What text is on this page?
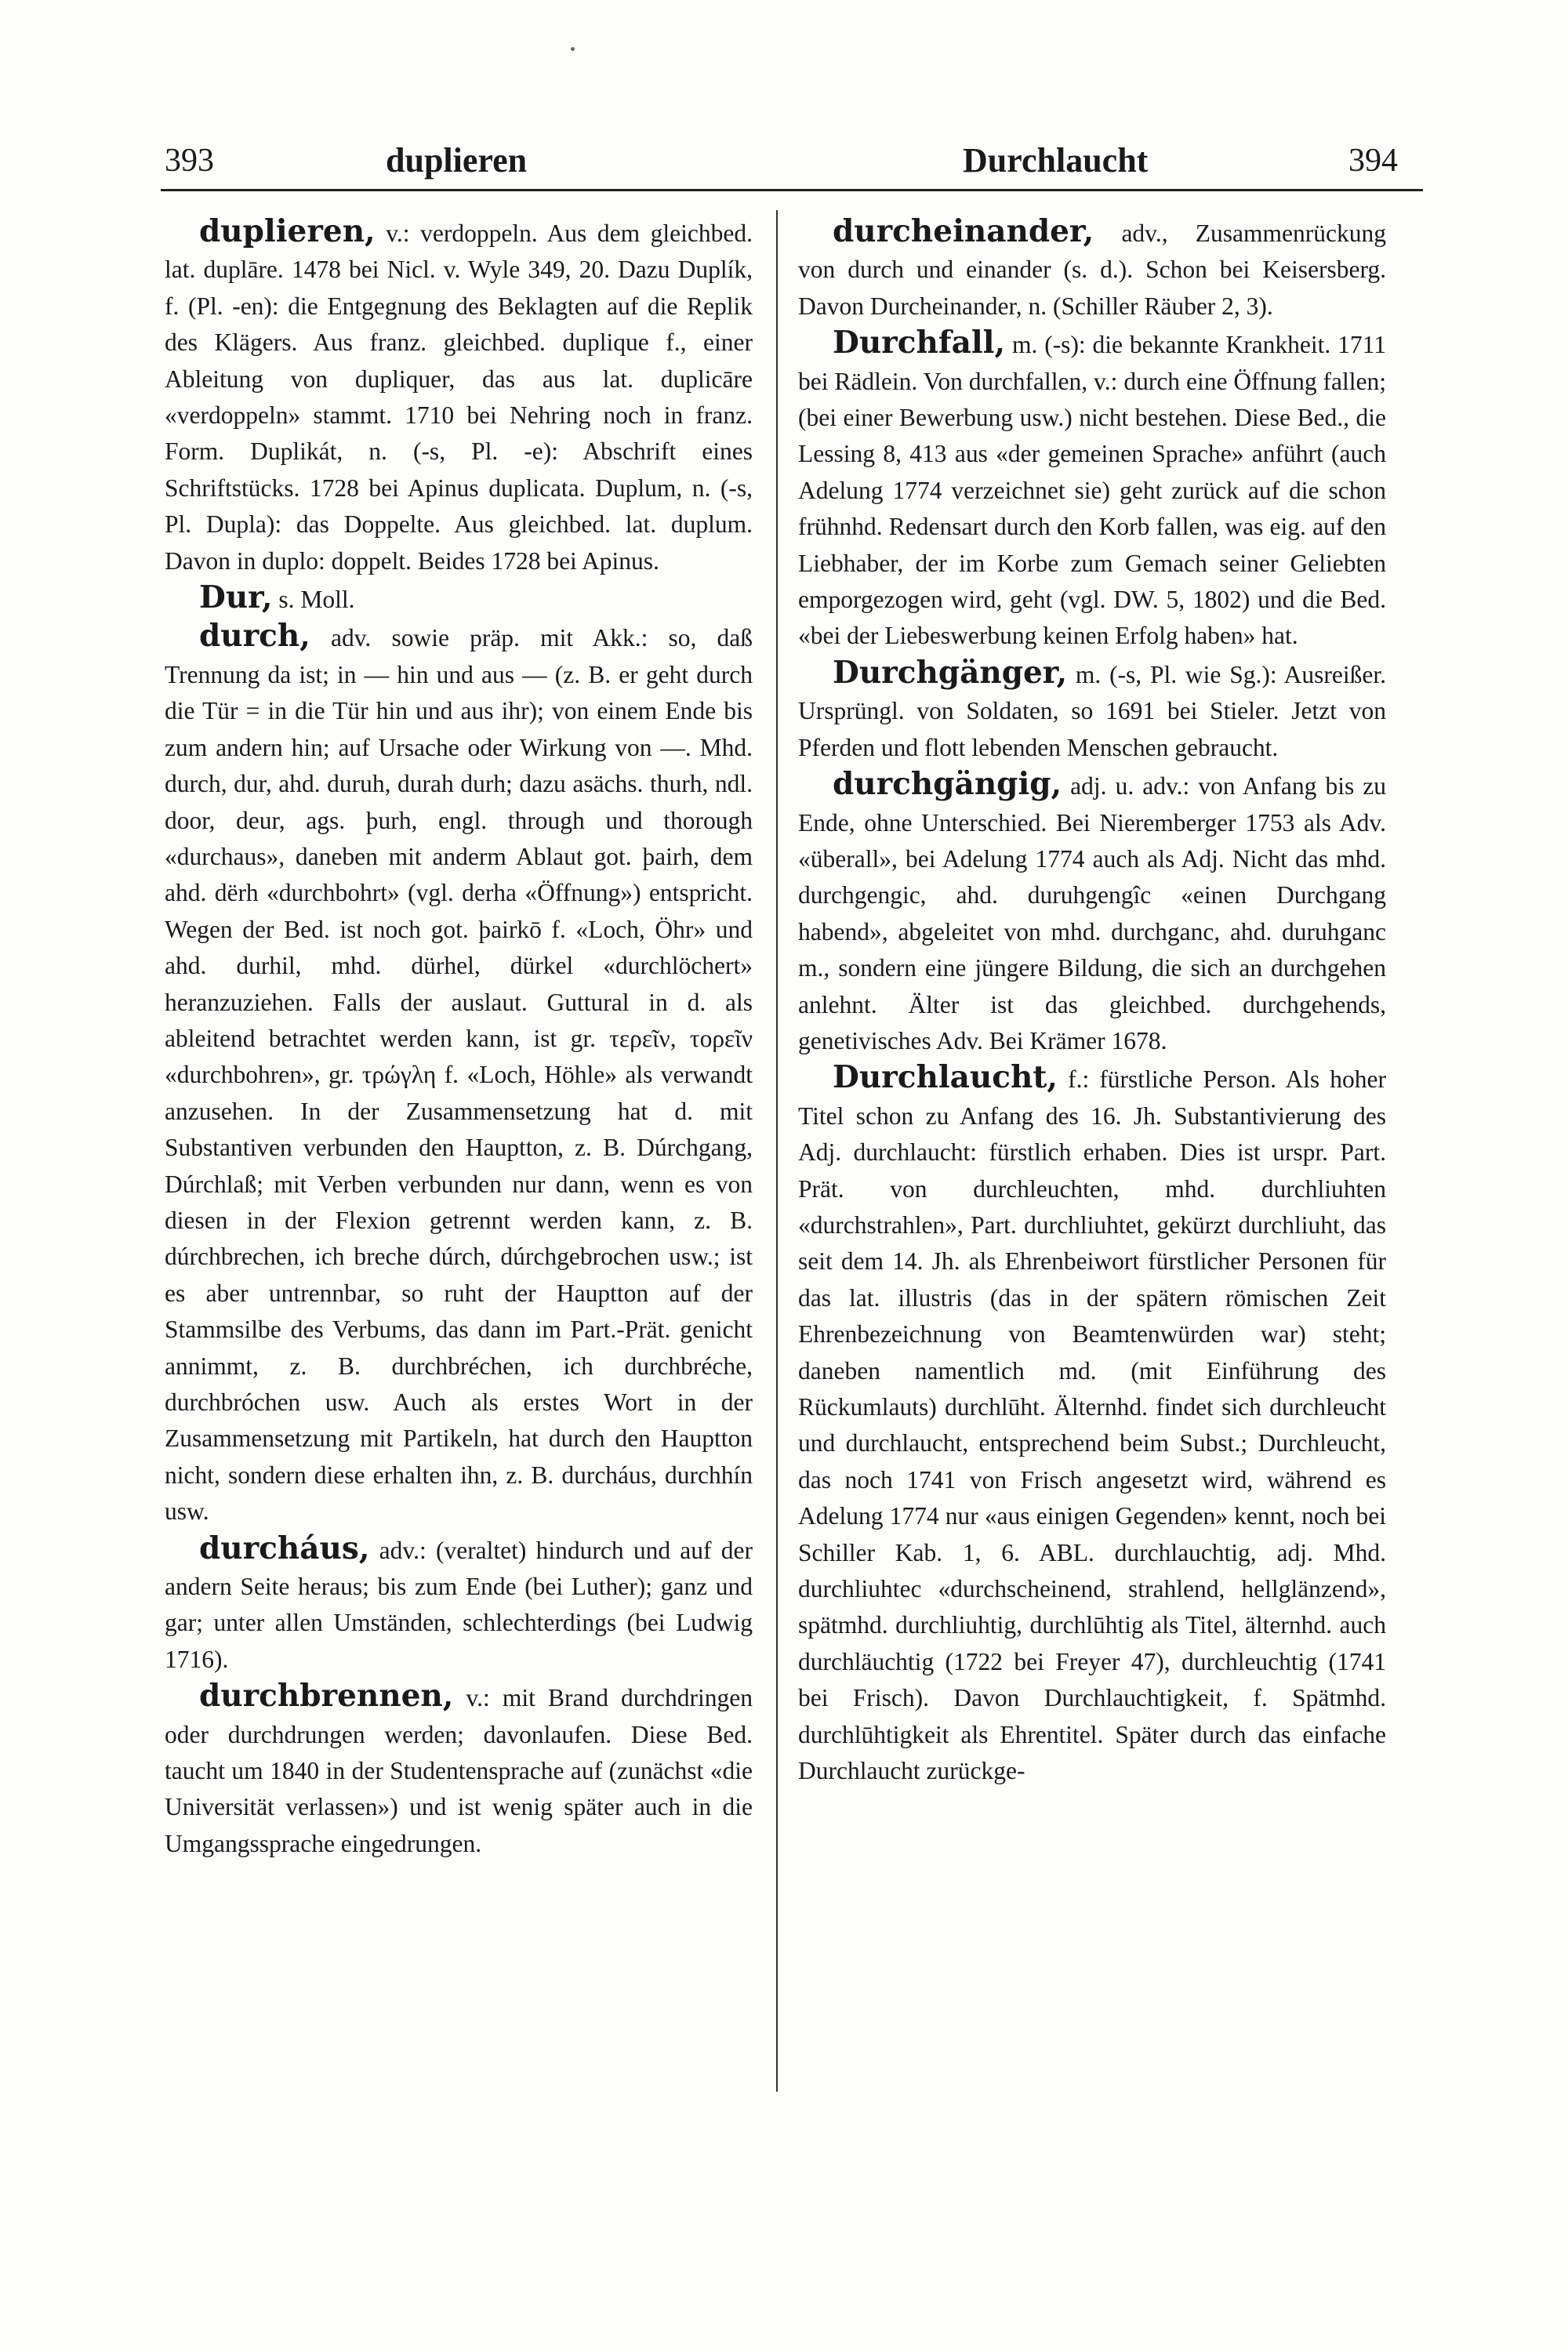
393	duplieren	Durchlaucht	394

duplieren, v.: verdoppeln. Aus dem gleichbed. lat. duplāre. 1478 bei Nicl. v. Wyle 349, 20. Dazu Duplík, f. (Pl. -en): die Entgegnung des Beklagten auf die Replik des Klägers. Aus franz. gleichbed. duplique f., einer Ableitung von dupliquer, das aus lat. duplicāre «verdoppeln» stammt. 1710 bei Nehring noch in franz. Form. Duplikát, n. (-s, Pl. -e): Abschrift eines Schriftstücks. 1728 bei Apinus duplicata. Duplum, n. (-s, Pl. Dupla): das Doppelte. Aus gleichbed. lat. duplum. Davon in duplo: doppelt. Beides 1728 bei Apinus.

Dur, s. Moll.

durch, adv. sowie präp. mit Akk.: so, daß Trennung da ist; in — hin und aus — (z. B. er geht durch die Tür = in die Tür hin und aus ihr); von einem Ende bis zum andern hin; auf Ursache oder Wirkung von —. Mhd. durch, dur, ahd. duruh, durah durh; dazu asächs. thurh, ndl. door, deur, ags. þurh, engl. through und thorough «durchaus», daneben mit anderm Ablaut got. þairh, dem ahd. dërh «durchbohrt» (vgl. derha «Öffnung») entspricht. Wegen der Bed. ist noch got. þairkō f. «Loch, Öhr» und ahd. durhil, mhd. dürhel, dürkel «durchlöchert» heranzuziehen. Falls der auslaut. Guttural in d. als ableitend betrachtet werden kann, ist gr. τερεῖν, τορεῖν «durchbohren», gr. τρώγλη f. «Loch, Höhle» als verwandt anzusehen. In der Zusammensetzung hat d. mit Substantiven verbunden den Hauptton, z. B. Dúrchgang, Dúrchlaß; mit Verben verbunden nur dann, wenn es von diesen in der Flexion getrennt werden kann, z. B. dúrchbrechen, ich breche dúrch, dúrchgebrochen usw.; ist es aber untrennbar, so ruht der Hauptton auf der Stammsilbe des Verbums, das dann im Part.-Prät. genicht annimmt, z. B. durchbréchen, ich durchbréche, durchbróchen usw. Auch als erstes Wort in der Zusammensetzung mit Partikeln, hat durch den Hauptton nicht, sondern diese erhalten ihn, z. B. durcháus, durchhín usw.

durcháus, adv.: (veraltet) hindurch und auf der andern Seite heraus; bis zum Ende (bei Luther); ganz und gar; unter allen Umständen, schlechterdings (bei Ludwig 1716).

durchbrennen, v.: mit Brand durchdringen oder durchdrungen werden; davonlaufen. Diese Bed. taucht um 1840 in der Studentensprache auf (zunächst «die Universität verlassen») und ist wenig später auch in die Umgangssprache eingedrungen.

durcheinander, adv., Zusammenrückung von durch und einander (s. d.). Schon bei Keisersberg. Davon Durcheinander, n. (Schiller Räuber 2, 3).

Durchfall, m. (-s): die bekannte Krankheit. 1711 bei Rädlein. Von durchfallen, v.: durch eine Öffnung fallen; (bei einer Bewerbung usw.) nicht bestehen. Diese Bed., die Lessing 8, 413 aus «der gemeinen Sprache» anführt (auch Adelung 1774 verzeichnet sie) geht zurück auf die schon frühnhd. Redensart durch den Korb fallen, was eig. auf den Liebhaber, der im Korbe zum Gemach seiner Geliebten emporgezogen wird, geht (vgl. DW. 5, 1802) und die Bed. «bei der Liebeswerbung keinen Erfolg haben» hat.

Durchgänger, m. (-s, Pl. wie Sg.): Ausreißer. Ursprüngl. von Soldaten, so 1691 bei Stieler. Jetzt von Pferden und flott lebenden Menschen gebraucht.

durchgängig, adj. u. adv.: von Anfang bis zu Ende, ohne Unterschied. Bei Nieremberger 1753 als Adv. «überall», bei Adelung 1774 auch als Adj. Nicht das mhd. durchgengic, ahd. duruhgengîc «einen Durchgang habend», abgeleitet von mhd. durchganc, ahd. duruhganc m., sondern eine jüngere Bildung, die sich an durchgehen anlehnt. Älter ist das gleichbed. durchgehends, genetivisches Adv. Bei Krämer 1678.

Durchlaucht, f.: fürstliche Person. Als hoher Titel schon zu Anfang des 16. Jh. Substantivierung des Adj. durchlaucht: fürstlich erhaben. Dies ist urspr. Part. Prät. von durchleuchten, mhd. durchliuhten «durchstrahlen», Part. durchliuhtet, gekürzt durchliuht, das seit dem 14. Jh. als Ehrenbeiwort fürstlicher Personen für das lat. illustris (das in der spätern römischen Zeit Ehrenbezeichnung von Beamtenwürden war) steht; daneben namentlich md. (mit Einführung des Rückumlauts) durchlūht. Älternhd. findet sich durchleucht und durchlaucht, entsprechend beim Subst.; Durchleucht, das noch 1741 von Frisch angesetzt wird, während es Adelung 1774 nur «aus einigen Gegenden» kennt, noch bei Schiller Kab. 1, 6. ABL. durchlauchtig, adj. Mhd. durchliuhtec «durchscheinend, strahlend, hellglänzend», spätmhd. durchliuhtig, durchlūhtig als Titel, älternhd. auch durchläuchtig (1722 bei Freyer 47), durchleuchtig (1741 bei Frisch). Davon Durchlauchtigkeit, f. Spätmhd. durchlūhtigkeit als Ehrentitel. Später durch das einfache Durchlaucht zurückge-
